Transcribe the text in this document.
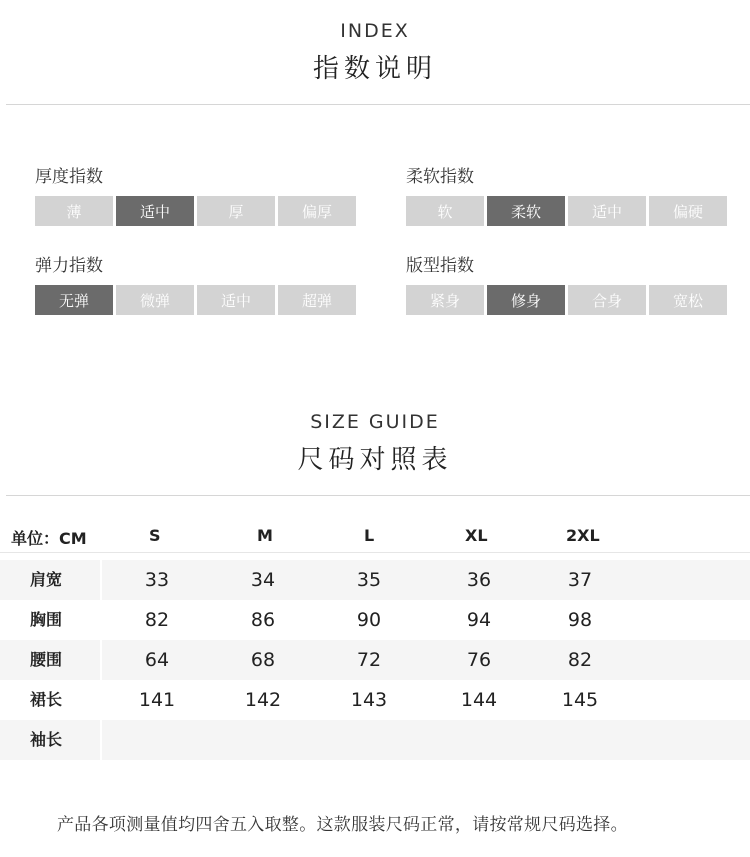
INDEX
指数说明
厚度指数
薄	适中	厚	偏厚
柔软指数
软	柔软	适中	偏硬
弹力指数
无弹	微弹	适中	超弹
版型指数
紧身	修身	合身	宽松
SIZE GUIDE
尺码对照表
单位：CM	S	M	L	XL	2XL
肩宽	33	34	35	36	37
胸围	82	86	90	94	98
腰围	64	68	72	76	82
裙长	141	142	143	144	145
袖长
产品各项测量值均四舍五入取整。这款服装尺码正常，请按常规尺码选择。
